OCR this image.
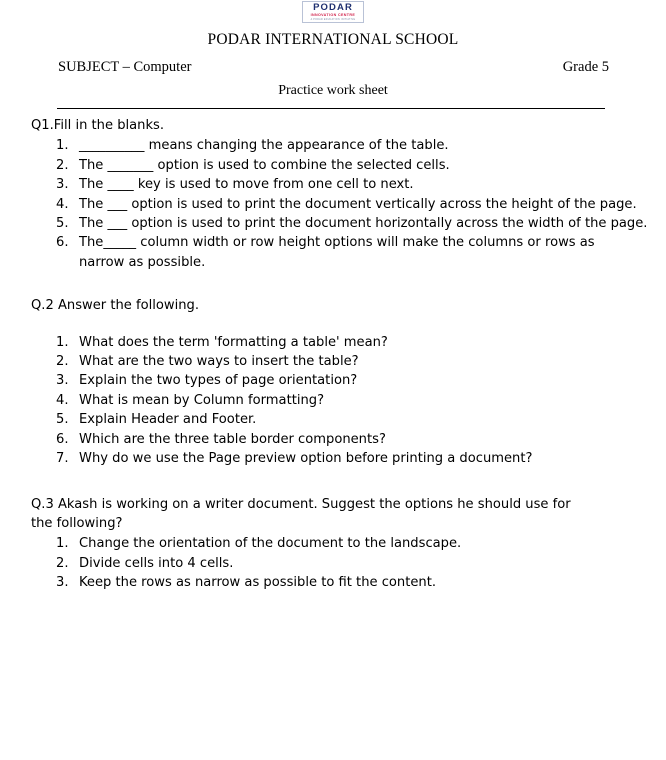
PODAR
INNOVATION CENTRE
A PODAR EDUCATION INITIATIVE
PODAR INTERNATIONAL SCHOOL
SUBJECT – Computer	Grade 5
Practice work sheet
Q1.Fill in the blanks.
1. __________ means changing the appearance of the table.
2. The _______ option is used to combine the selected cells.
3. The ____ key is used to move from one cell to next.
4. The ___ option is used to print the document vertically across the height of the page.
5. The ___ option is used to print the document horizontally across the width of the page.
6. The_____ column width or row height options will make the columns or rows as narrow as possible.
Q.2 Answer the following.
1. What does the term 'formatting a table' mean?
2. What are the two ways to insert the table?
3. Explain the two types of page orientation?
4. What is mean by Column formatting?
5. Explain Header and Footer.
6. Which are the three table border components?
7. Why do we use the Page preview option before printing a document?
Q.3 Akash is working on a writer document. Suggest the options he should use for the following?
1. Change the orientation of the document to the landscape.
2. Divide cells into 4 cells.
3. Keep the rows as narrow as possible to fit the content.
